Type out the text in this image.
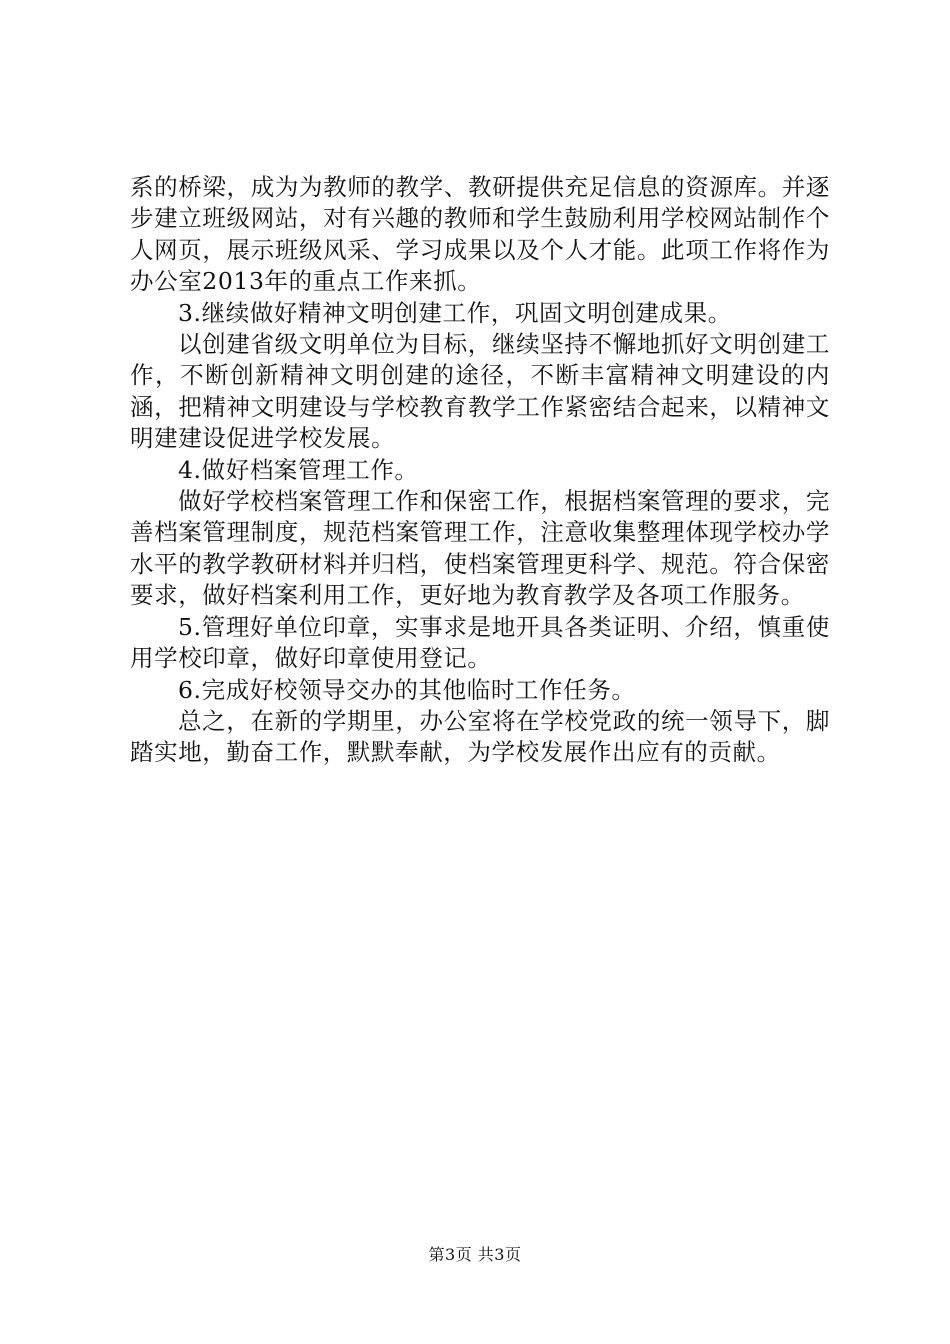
系的桥梁，成为为教师的教学、教研提供充足信息的资源库。并逐步建立班级网站，对有兴趣的教师和学生鼓励利用学校网站制作个人网页，展示班级风采、学习成果以及个人才能。此项工作将作为办公室2013年的重点工作来抓。

3.继续做好精神文明创建工作，巩固文明创建成果。

以创建省级文明单位为目标，继续坚持不懈地抓好文明创建工作，不断创新精神文明创建的途径，不断丰富精神文明建设的内涵，把精神文明建设与学校教育教学工作紧密结合起来，以精神文明建建设促进学校发展。

4.做好档案管理工作。

做好学校档案管理工作和保密工作，根据档案管理的要求，完善档案管理制度，规范档案管理工作，注意收集整理体现学校办学水平的教学教研材料并归档，使档案管理更科学、规范。符合保密要求，做好档案利用工作，更好地为教育教学及各项工作服务。

5.管理好单位印章，实事求是地开具各类证明、介绍，慎重使用学校印章，做好印章使用登记。

6.完成好校领导交办的其他临时工作任务。

总之，在新的学期里，办公室将在学校党政的统一领导下，脚踏实地，勤奋工作，默默奉献，为学校发展作出应有的贡献。

第3页 共3页
